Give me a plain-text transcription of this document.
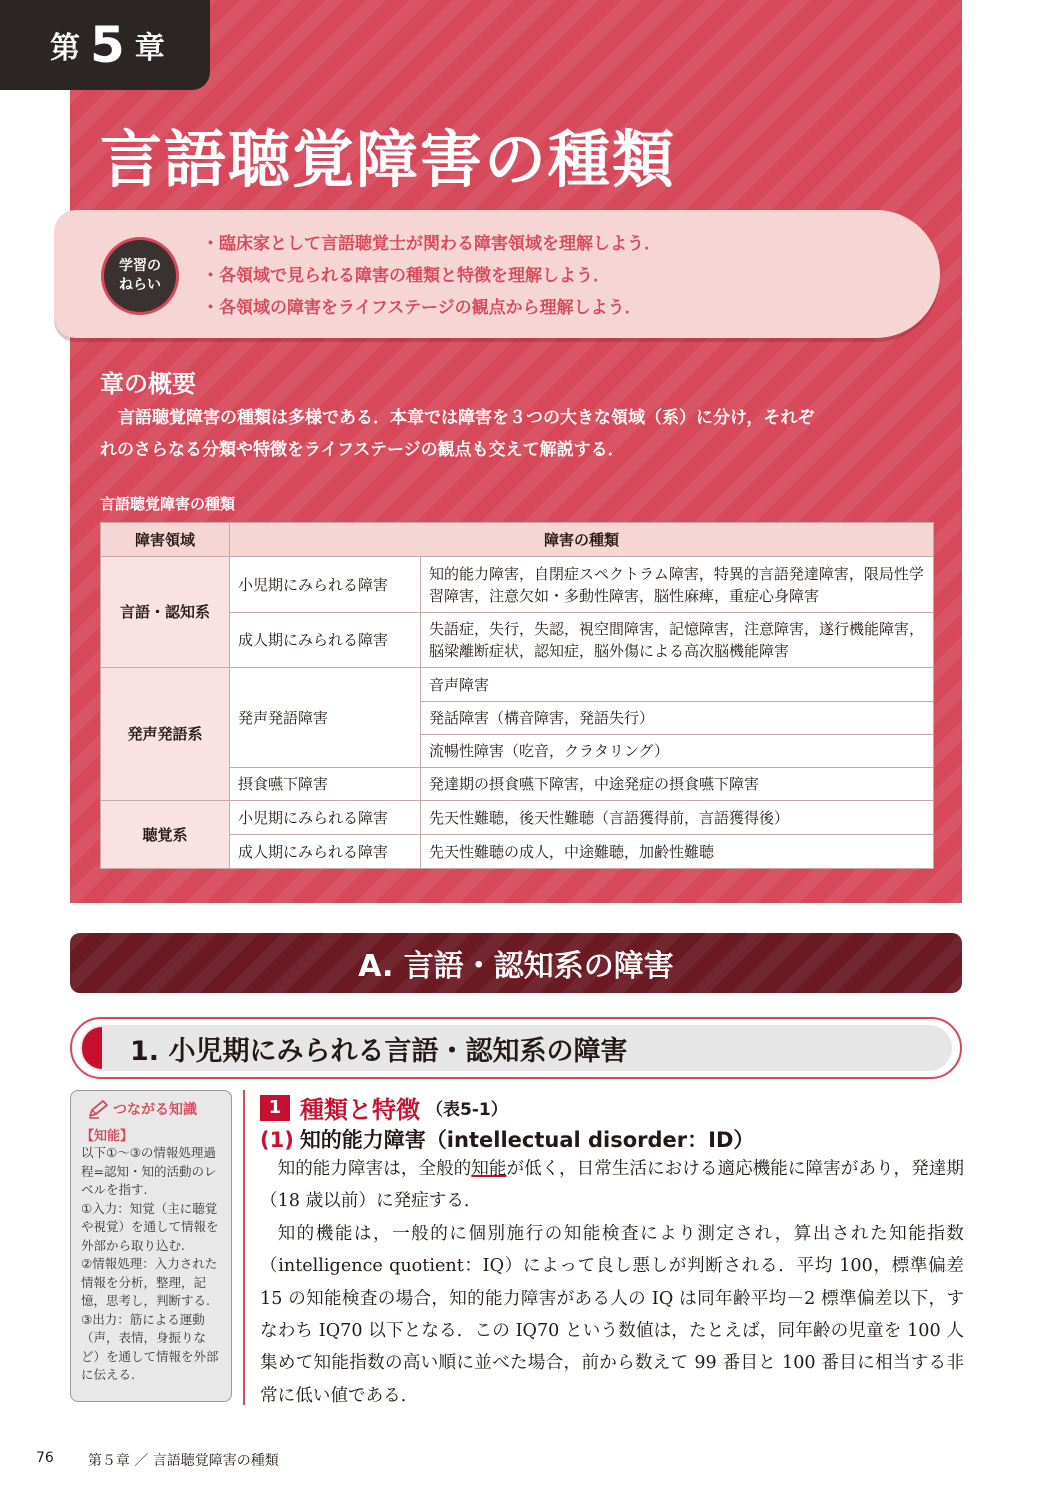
第 5 章
言語聴覚障害の種類
学習の
ねらい
・臨床家として言語聴覚士が関わる障害領域を理解しよう．
・各領域で見られる障害の種類と特徴を理解しよう．
・各領域の障害をライフステージの観点から理解しよう．
章の概要
言語聴覚障害の種類は多様である．本章では障害を３つの大きな領域（系）に分け，それぞ
れのさらなる分類や特徴をライフステージの観点も交えて解説する．
言語聴覚障害の種類
障害領域	障害の種類	
言語・認知系	小児期にみられる障害	知的能力障害，自閉症スペクトラム障害，特異的言語発達障害，限局性学習障害，注意欠如・多動性障害，脳性麻痺，重症心身障害
	成人期にみられる障害	失語症，失行，失認，視空間障害，記憶障害，注意障害，遂行機能障害，脳梁離断症状，認知症，脳外傷による高次脳機能障害
発声発語系	発声発語障害	音声障害
		発話障害（構音障害，発語失行）
		流暢性障害（吃音，クラタリング）
	摂食嚥下障害	発達期の摂食嚥下障害，中途発症の摂食嚥下障害
聴覚系	小児期にみられる障害	先天性難聴，後天性難聴（言語獲得前，言語獲得後）
	成人期にみられる障害	先天性難聴の成人，中途難聴，加齢性難聴
A. 言語・認知系の障害
1. 小児期にみられる言語・認知系の障害
つながる知識
【知能】
以下①～③の情報処理過程=認知・知的活動のレベルを指す.
①入力：知覚（主に聴覚や視覚）を通して情報を外部から取り込む.
②情報処理：入力された情報を分析，整理，記憶，思考し，判断する.
③出力：筋による運動（声，表情，身振りなど）を通して情報を外部に伝える.
1 種類と特徴 （表5-1）
(1) 知的能力障害（intellectual disorder：ID）

知的能力障害は，全般的知能が低く，日常生活における適応機能に障害があり，発達期（18 歳以前）に発症する．

知的機能は，一般的に個別施行の知能検査により測定され，算出された知能指数（intelligence quotient：IQ）によって良し悪しが判断される．平均 100，標準偏差 15 の知能検査の場合，知的能力障害がある人の IQ は同年齢平均－2 標準偏差以下，すなわち IQ70 以下となる．この IQ70 という数値は，たとえば，同年齢の児童を 100 人集めて知能指数の高い順に並べた場合，前から数えて 99 番目と 100 番目に相当する非常に低い値である．

76 第５章 ／ 言語聴覚障害の種類
